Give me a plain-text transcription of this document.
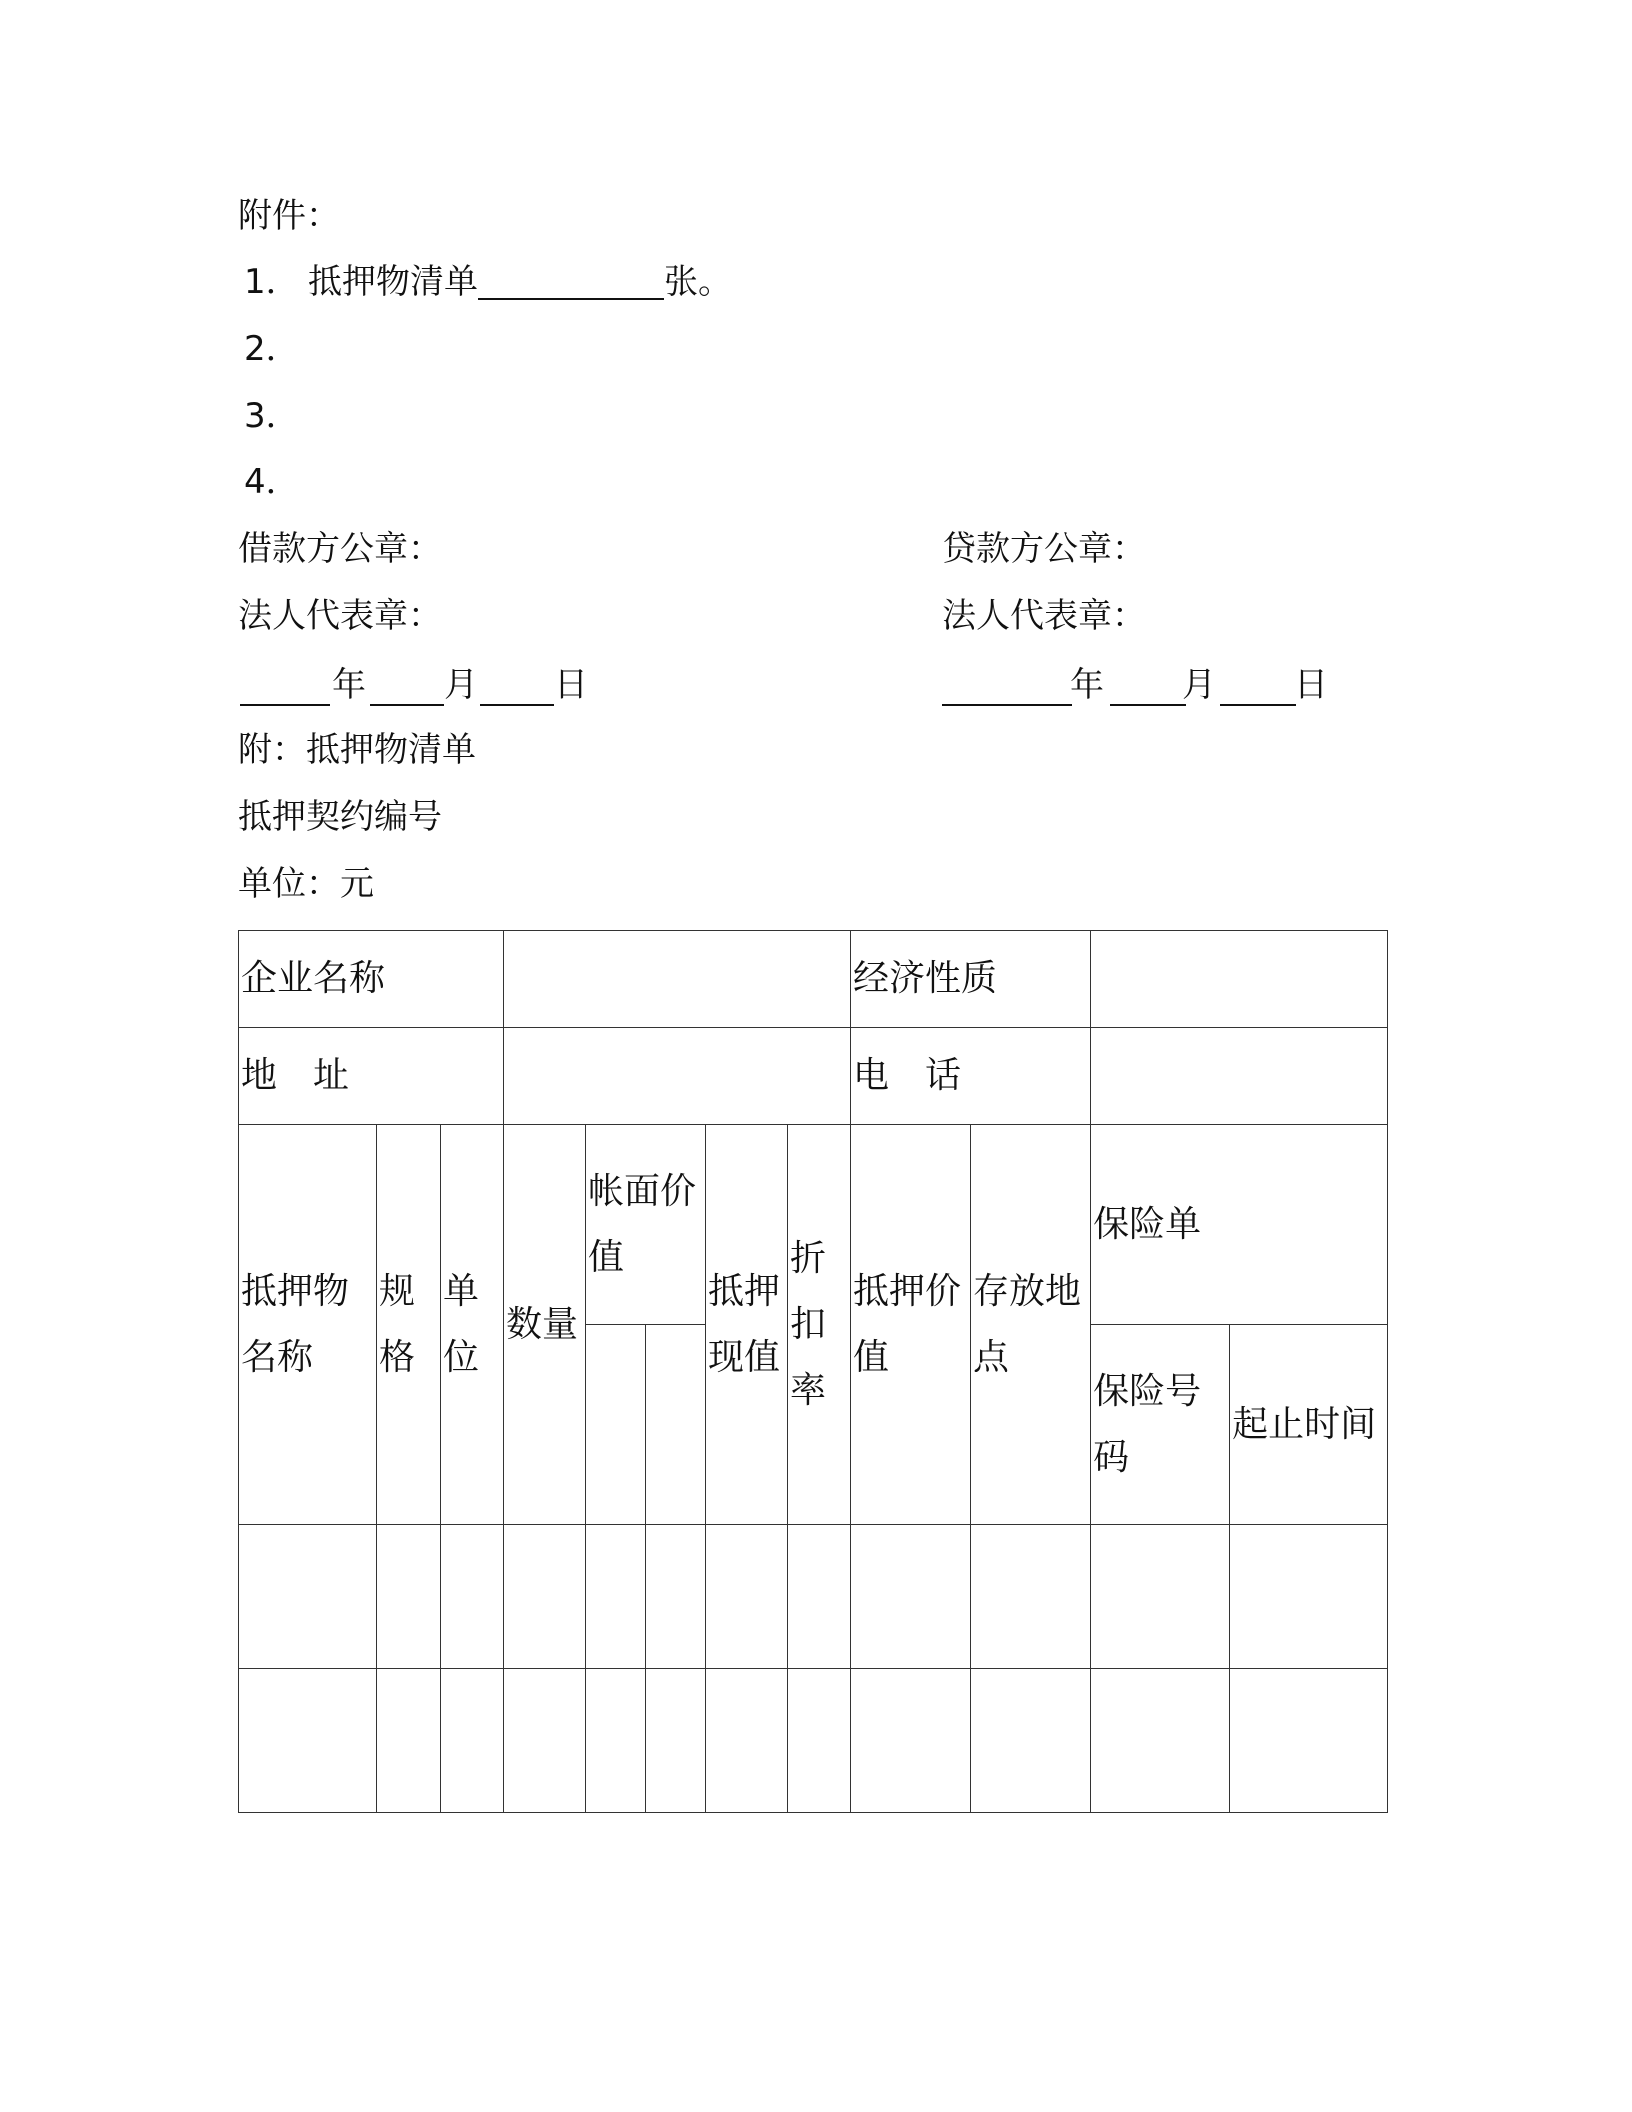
附件：
1． 抵押物清单	张。
2．
3．
4．
借款方公章：	贷款方公章：
法人代表章：	法人代表章：
年 月 日	年 月 日
附：抵押物清单
抵押契约编号
单位：元
企业名称								经济性质			
地　址								电　话			
抵押物名称	规格	单位	数量	帐面价值		抵押现值	折扣率	抵押价值	存放地点	保险单	
										保险号码	起止时间
